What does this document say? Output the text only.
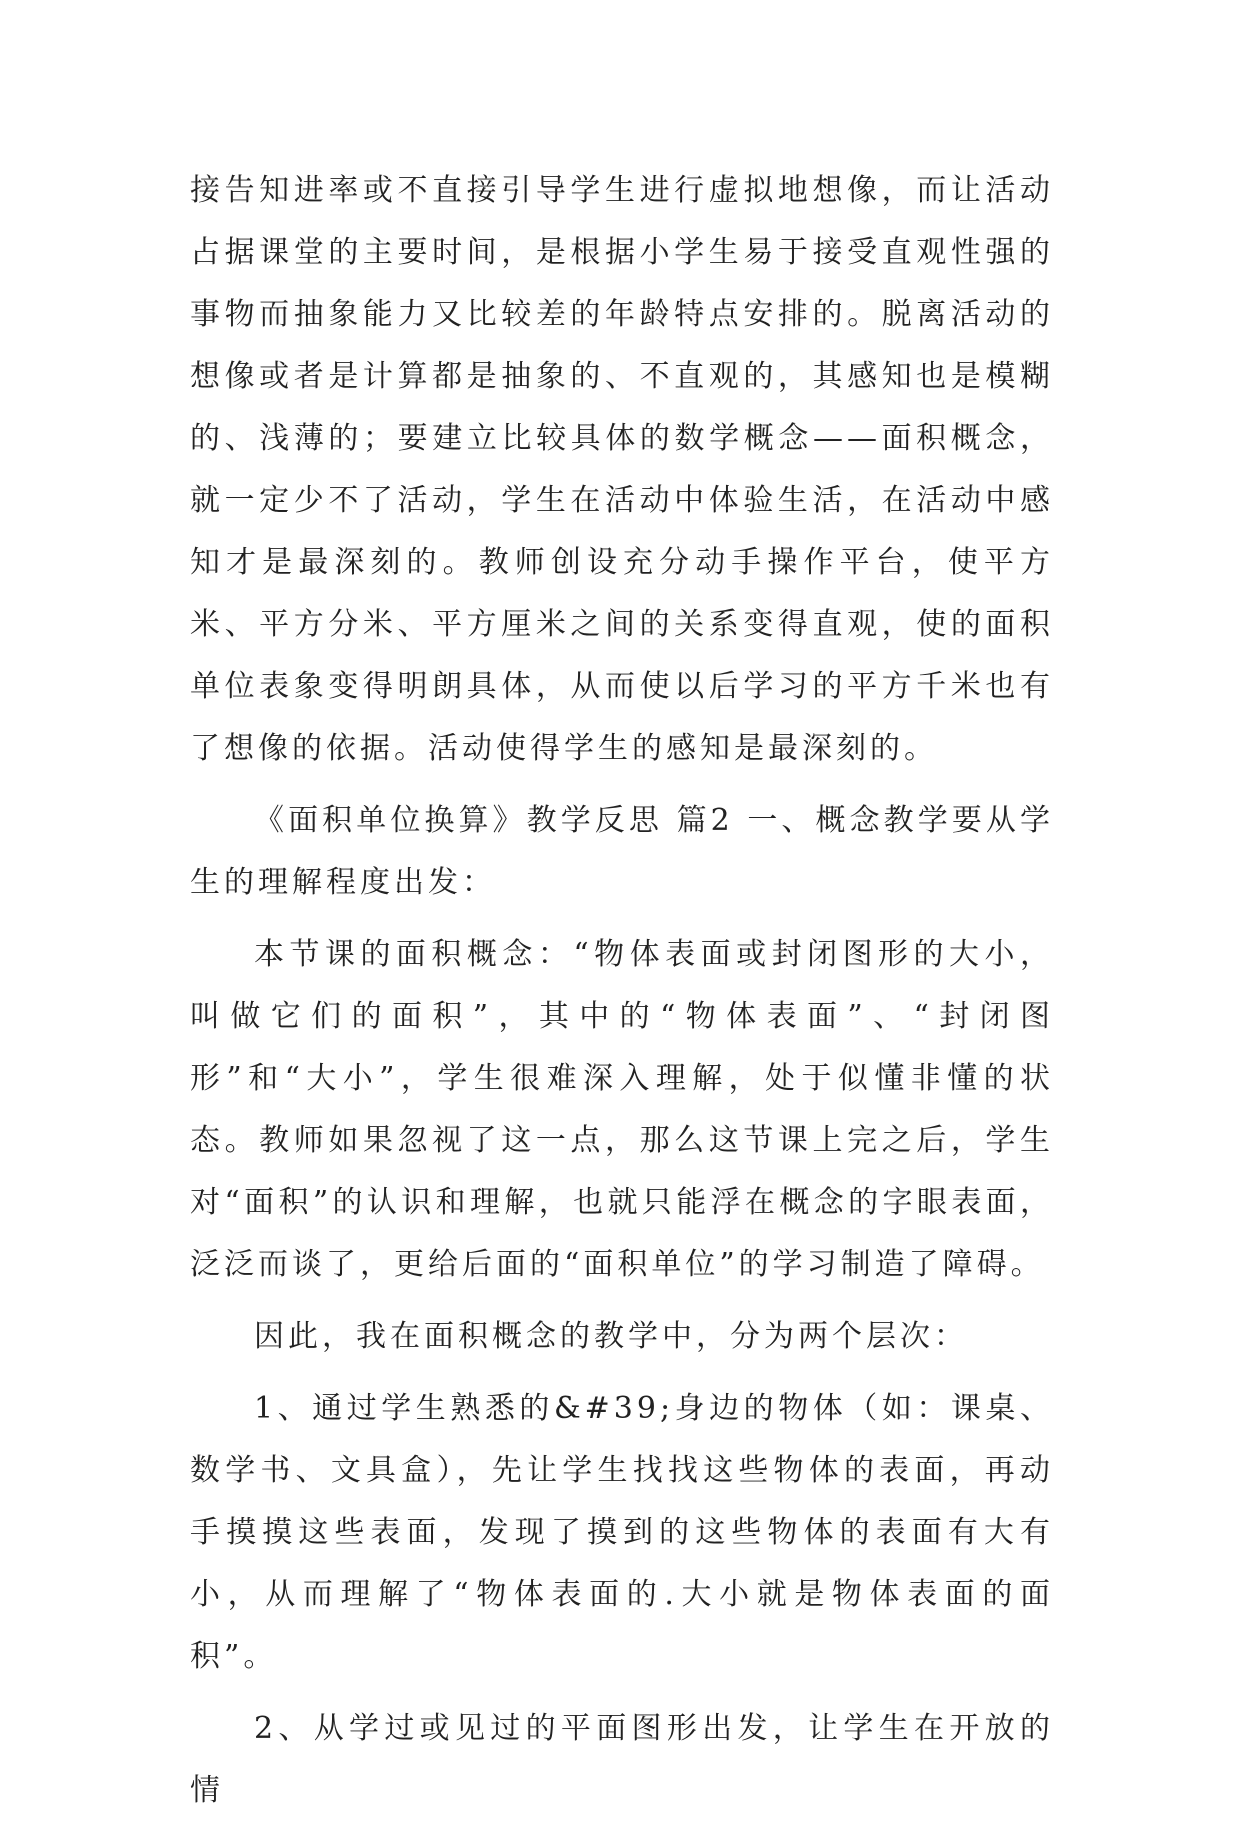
接告知进率或不直接引导学生进行虚拟地想像，而让活动占据课堂的主要时间，是根据小学生易于接受直观性强的事物而抽象能力又比较差的年龄特点安排的。脱离活动的想像或者是计算都是抽象的、不直观的，其感知也是模糊的、浅薄的；要建立比较具体的数学概念——面积概念，就一定少不了活动，学生在活动中体验生活，在活动中感知才是最深刻的。教师创设充分动手操作平台，使平方米、平方分米、平方厘米之间的关系变得直观，使的面积单位表象变得明朗具体，从而使以后学习的平方千米也有了想像的依据。活动使得学生的感知是最深刻的。

《面积单位换算》教学反思 篇2 一、概念教学要从学生的理解程度出发：

本节课的面积概念：“物体表面或封闭图形的大小，叫做它们的面积”，其中的“物体表面”、“封闭图形”和“大小”，学生很难深入理解，处于似懂非懂的状态。教师如果忽视了这一点，那么这节课上完之后，学生对“面积”的认识和理解，也就只能浮在概念的字眼表面，泛泛而谈了，更给后面的“面积单位”的学习制造了障碍。

因此，我在面积概念的教学中，分为两个层次：

1、通过学生熟悉的&#39;身边的物体（如：课桌、数学书、文具盒），先让学生找找这些物体的表面，再动手摸摸这些表面，发现了摸到的这些物体的表面有大有小，从而理解了“物体表面的.大小就是物体表面的面积”。

2、从学过或见过的平面图形出发，让学生在开放的情
